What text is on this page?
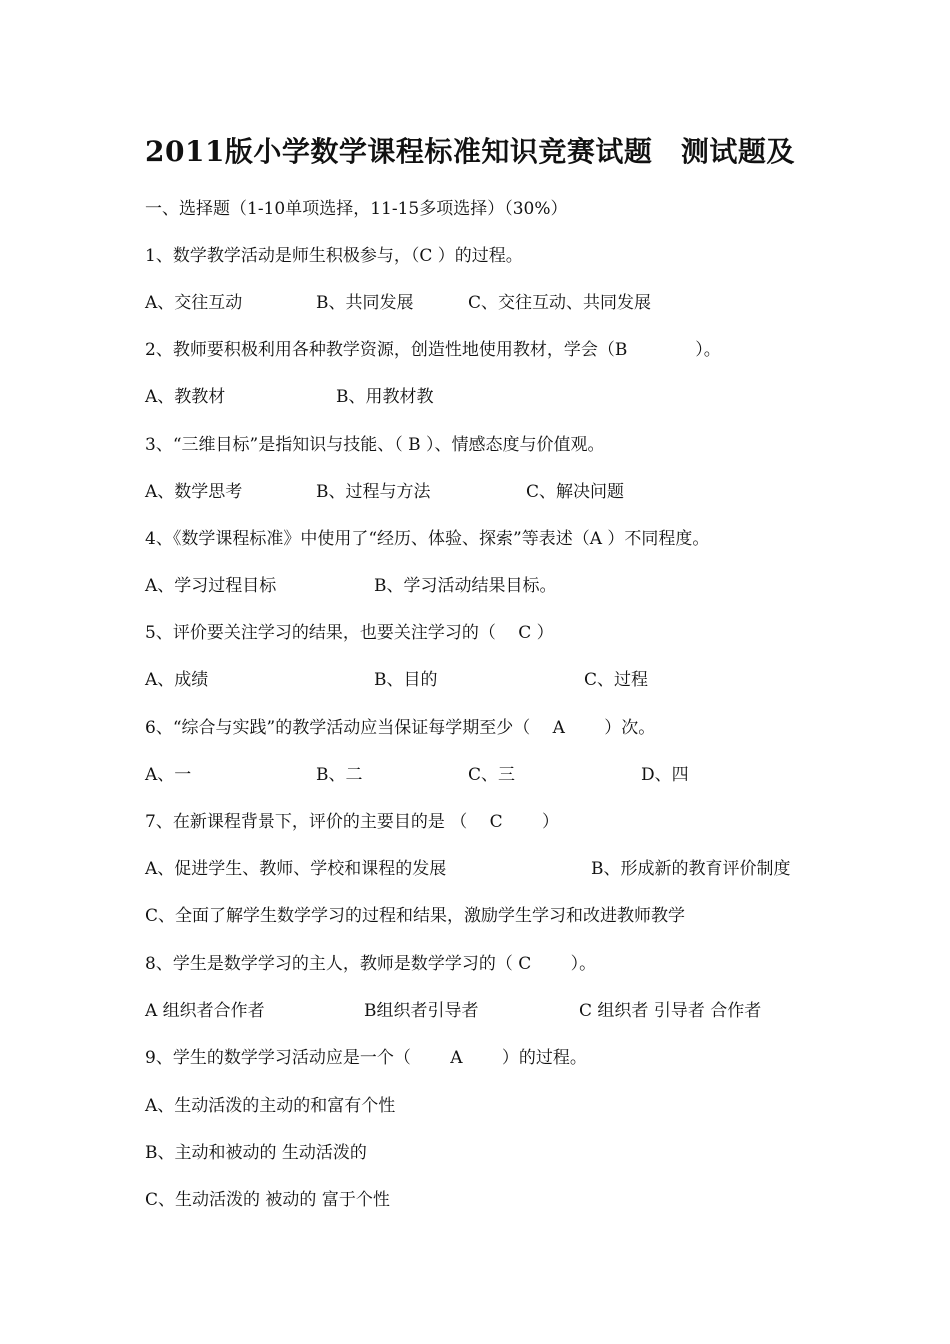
2011版小学数学课程标准知识竞赛试题　测试题及
一、选择题（1-10单项选择，11-15多项选择）（30%）

1、数学教学活动是师生积极参与，（C ）的过程。

A、交往互动

	B、共同发展

	C、交往互动、共同发展

2、教师要积极利用各种教学资源，创造性地使用教材，学会（B　　　　）。

A、教教材

	B、用教材教

3、“三维目标”是指知识与技能、（ B ）、情感态度与价值观。

A、数学思考

	B、过程与方法

	C、解决问题

4、《数学课程标准》中使用了“经历、体验、探索”等表述（A ）不同程度。

A、学习过程目标

	B、学习活动结果目标。

5、评价要关注学习的结果，也要关注学习的（　 C ）

A、成绩

	B、目的

	C、过程

6、“综合与实践”的教学活动应当保证每学期至少（　 A　　 ）次。

A、一

	B、二

	C、三

	D、四

7、在新课程背景下，评价的主要目的是 （　 C　　 ）

A、促进学生、教师、学校和课程的发展

	B、形成新的教育评价制度

C、全面了解学生数学学习的过程和结果，激励学生学习和改进教师教学

8、学生是数学学习的主人，教师是数学学习的（ C　　 ）。

A 组织者合作者

	B组织者引导者

	C 组织者 引导者 合作者

9、学生的数学学习活动应是一个（　　 A　　 ）的过程。

A、生动活泼的主动的和富有个性

B、主动和被动的 生动活泼的

C、生动活泼的 被动的 富于个性
